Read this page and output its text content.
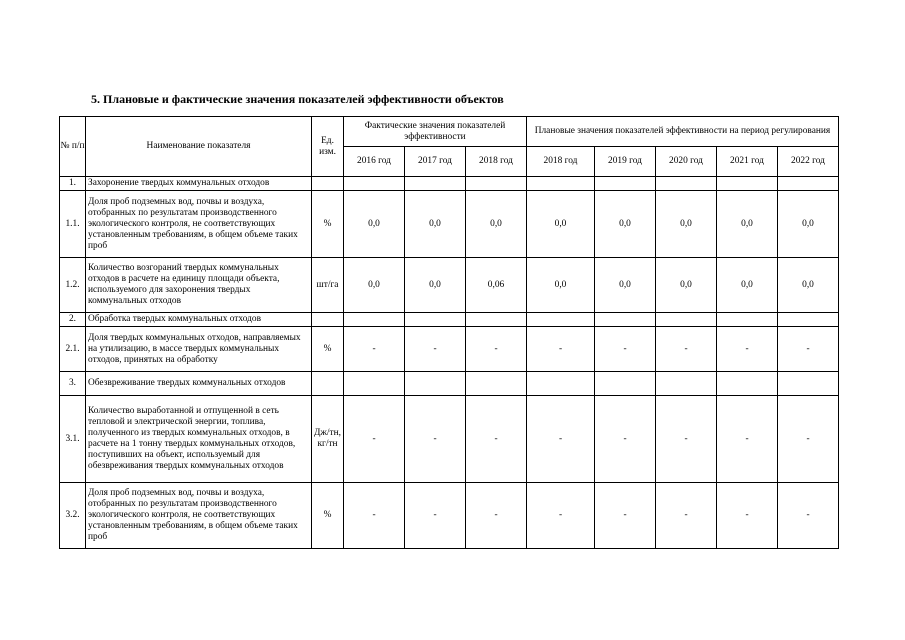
5. Плановые и фактические значения показателей эффективности объектов
№ п/п	Наименование показателя	Ед. изм.	Фактические значения показателей эффективности			Плановые значения показателей эффективности на период регулирования				
			2016 год	2017 год	2018 год	2018 год	2019 год	2020 год	2021 год	2022 год
1.	Захоронение твердых коммунальных отходов									
1.1.	Доля проб подземных вод, почвы и воздуха, отобранных по результатам производственного экологического контроля, не соответствующих установленным требованиям, в общем объеме таких проб	%	0,0	0,0	0,0	0,0	0,0	0,0	0,0	0,0
1.2.	Количество возгораний твердых коммунальных отходов в расчете на единицу площади объекта, используемого для захоронения твердых коммунальных отходов	шт/га	0,0	0,0	0,06	0,0	0,0	0,0	0,0	0,0
2.	Обработка твердых коммунальных отходов									
2.1.	Доля твердых коммунальных отходов, направляемых на утилизацию, в массе твердых коммунальных отходов, принятых на обработку	%	-	-	-	-	-	-	-	-
3.	Обезвреживание твердых коммунальных отходов									
3.1.	Количество выработанной и отпущенной в сеть тепловой и электрической энергии, топлива, полученного из твердых коммунальных отходов, в расчете на 1 тонну твердых коммунальных отходов, поступивших на объект, используемый для обезвреживания твердых коммунальных отходов	Дж/тн, кг/тн	-	-	-	-	-	-	-	-
3.2.	Доля проб подземных вод, почвы и воздуха, отобранных по результатам производственного экологического контроля, не соответствующих установленным требованиям, в общем объеме таких проб	%	-	-	-	-	-	-	-	-
